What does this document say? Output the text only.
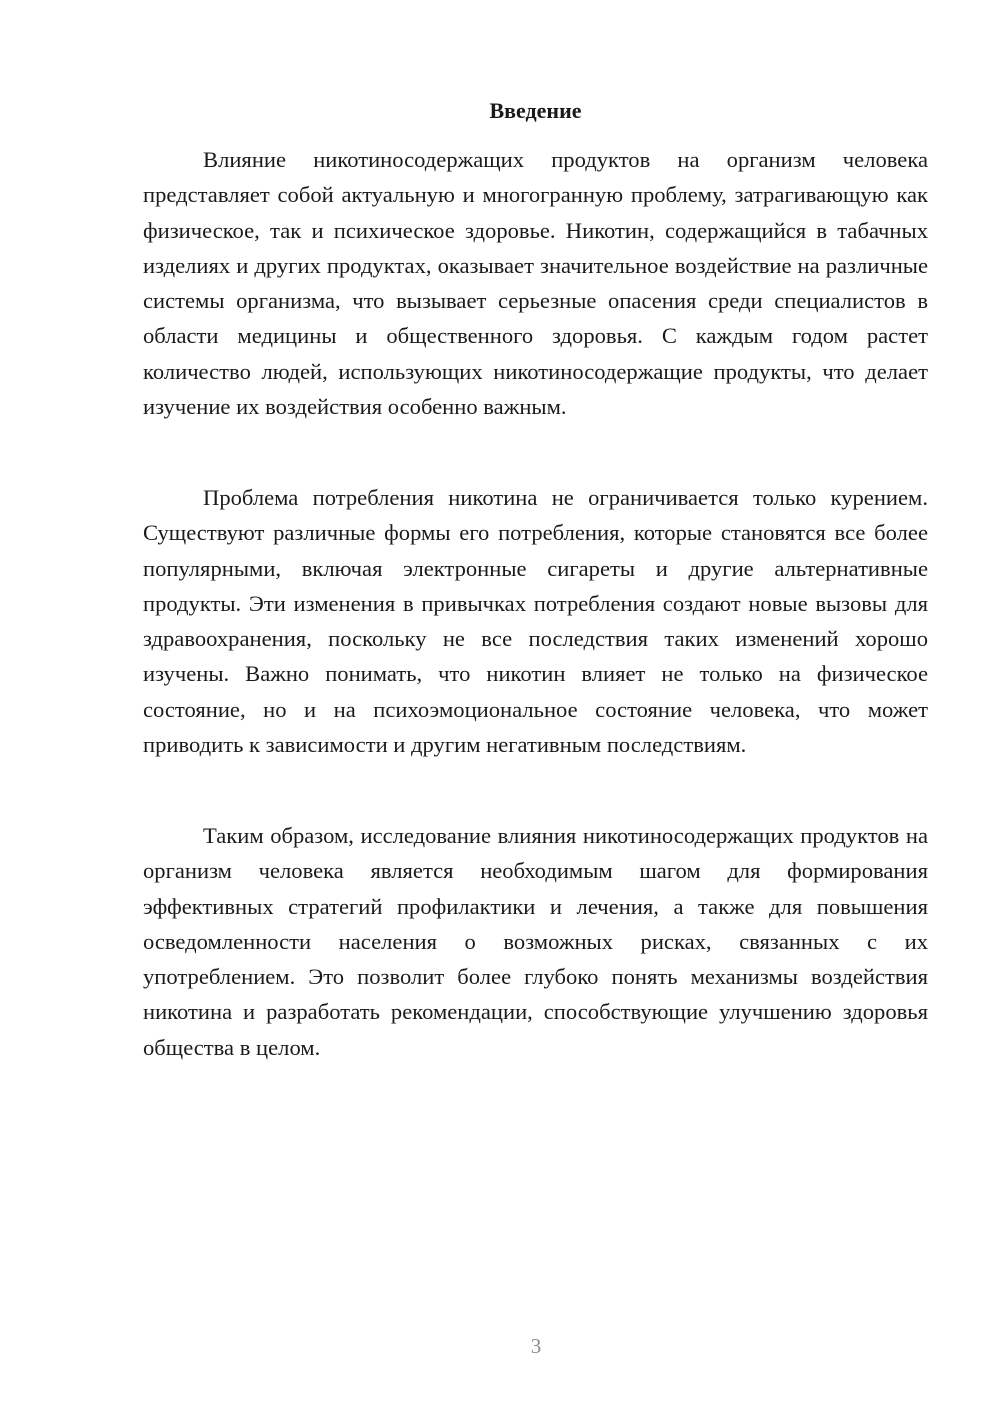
Введение

Влияние никотиносодержащих продуктов на организм человека представляет собой актуальную и многогранную проблему, затрагивающую как физическое, так и психическое здоровье. Никотин, содержащийся в табачных изделиях и других продуктах, оказывает значительное воздействие на различные системы организма, что вызывает серьезные опасения среди специалистов в области медицины и общественного здоровья. С каждым годом растет количество людей, использующих никотиносодержащие продукты, что делает изучение их воздействия особенно важным.

Проблема потребления никотина не ограничивается только курением. Существуют различные формы его потребления, которые становятся все более популярными, включая электронные сигареты и другие альтернативные продукты. Эти изменения в привычках потребления создают новые вызовы для здравоохранения, поскольку не все последствия таких изменений хорошо изучены. Важно понимать, что никотин влияет не только на физическое состояние, но и на психоэмоциональное состояние человека, что может приводить к зависимости и другим негативным последствиям.

Таким образом, исследование влияния никотиносодержащих продуктов на организм человека является необходимым шагом для формирования эффективных стратегий профилактики и лечения, а также для повышения осведомленности населения о возможных рисках, связанных с их употреблением. Это позволит более глубоко понять механизмы воздействия никотина и разработать рекомендации, способствующие улучшению здоровья общества в целом.

3
